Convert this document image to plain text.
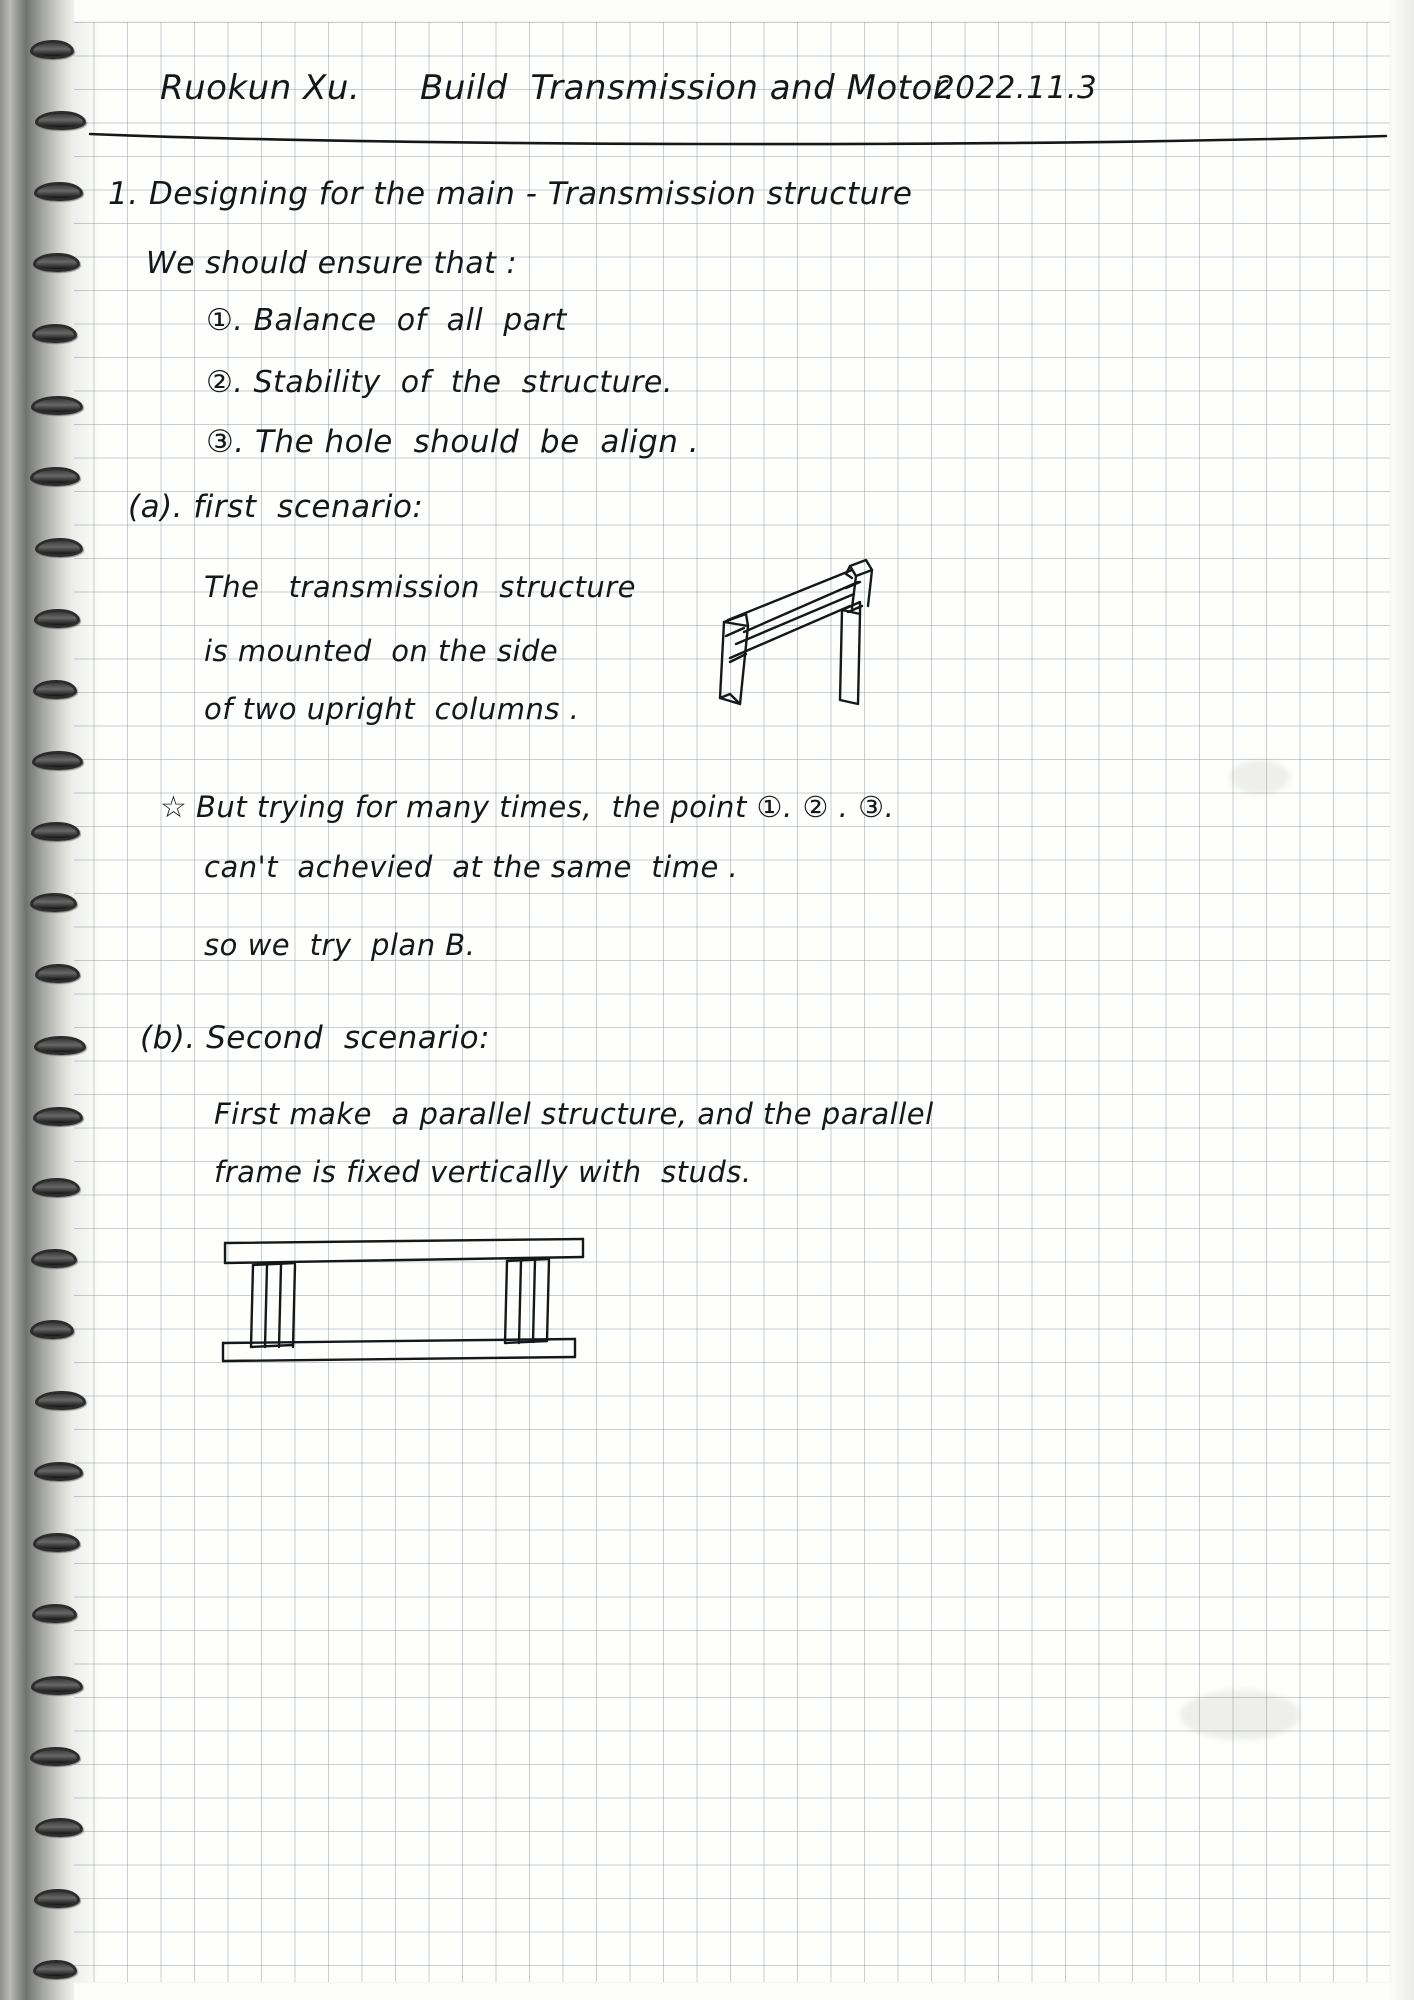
Ruokun Xu. Build  Transmission and Motor.
2022.11.3
1. Designing for the main - Transmission structure
We should ensure that :
①. Balance  of  all  part
②. Stability  of  the  structure.
③. The hole  should  be  align .
(a). first  scenario:
The   transmission  structure
is mounted  on the side
of two upright  columns .
☆ But trying for many times,  the point ①. ② . ③.
can't  achevied  at the same  time .
so we  try  plan B.
(b). Second  scenario:
First make  a parallel structure, and the parallel
frame is fixed vertically with  studs.
